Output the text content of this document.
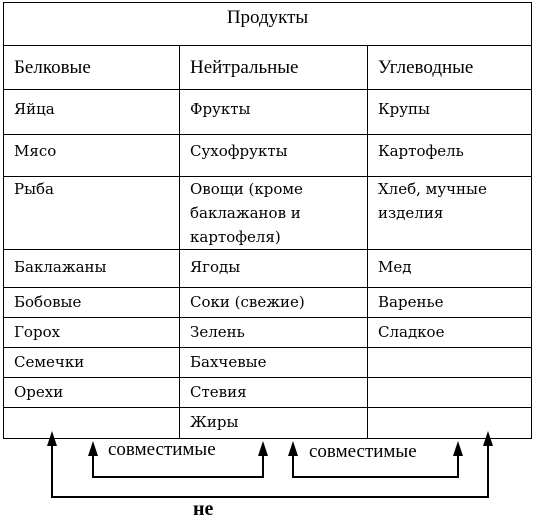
Продукты		
Белковые	Нейтральные	Углеводные
Яйца	Фрукты	Крупы
Мясо	Сухофрукты	Картофель
Рыба	Овощи (кроме баклажанов и картофеля)	Хлеб, мучные изделия
Баклажаны	Ягоды	Мед
Бобовые	Соки (свежие)	Варенье
Горох	Зелень	Сладкое
Семечки	Бахчевые	
Орехи	Стевия	
	Жиры	
совместимые	совместимые
не
